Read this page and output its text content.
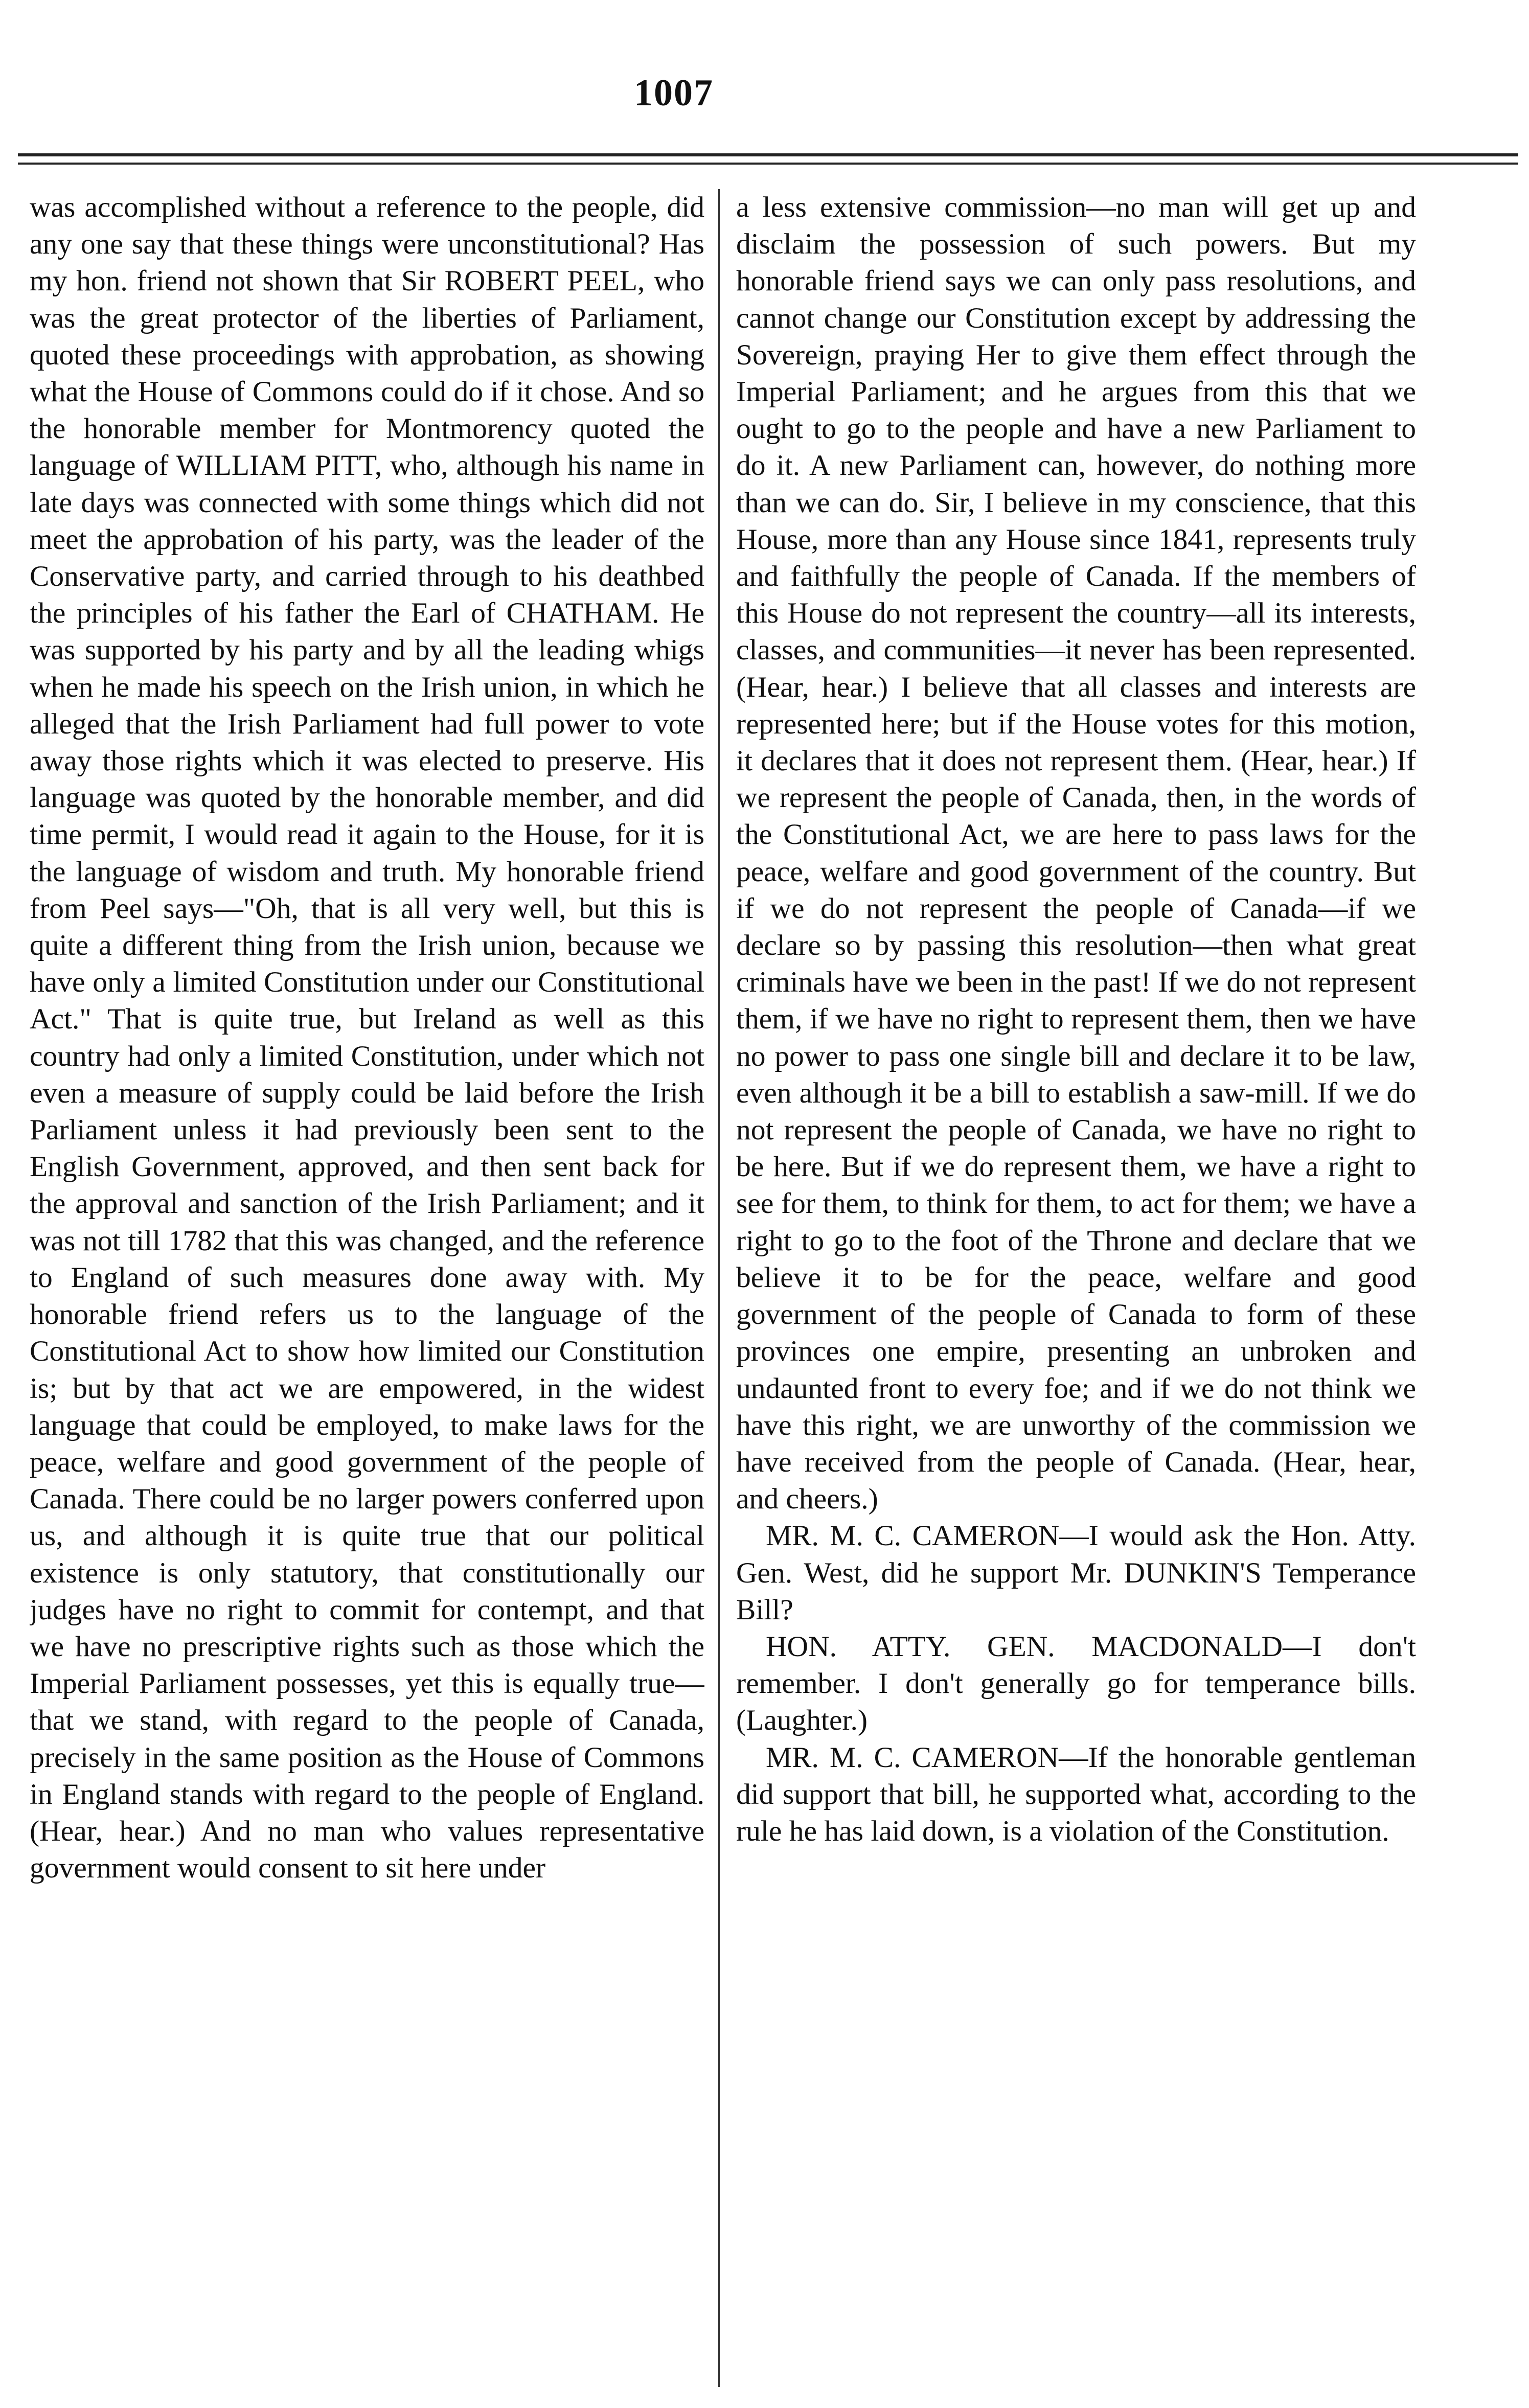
1007

was accomplished without a reference to the people, did any one say that these things were unconstitutional? Has my hon. friend not shown that Sir ROBERT PEEL, who was the great protector of the liberties of Parliament, quoted these proceedings with approbation, as showing what the House of Commons could do if it chose. And so the honorable member for Montmorency quoted the language of WILLIAM PITT, who, although his name in late days was connected with some things which did not meet the approbation of his party, was the leader of the Conservative party, and carried through to his deathbed the principles of his father the Earl of CHATHAM. He was supported by his party and by all the leading whigs when he made his speech on the Irish union, in which he alleged that the Irish Parliament had full power to vote away those rights which it was elected to preserve. His language was quoted by the honorable member, and did time permit, I would read it again to the House, for it is the language of wisdom and truth. My honorable friend from Peel says—"Oh, that is all very well, but this is quite a different thing from the Irish union, because we have only a limited Constitution under our Constitutional Act." That is quite true, but Ireland as well as this country had only a limited Constitution, under which not even a measure of supply could be laid before the Irish Parliament unless it had previously been sent to the English Government, approved, and then sent back for the approval and sanction of the Irish Parliament; and it was not till 1782 that this was changed, and the reference to England of such measures done away with. My honorable friend refers us to the language of the Constitutional Act to show how limited our Constitution is; but by that act we are empowered, in the widest language that could be employed, to make laws for the peace, welfare and good government of the people of Canada. There could be no larger powers conferred upon us, and although it is quite true that our political existence is only statutory, that constitutionally our judges have no right to commit for contempt, and that we have no prescriptive rights such as those which the Imperial Parliament possesses, yet this is equally true—that we stand, with regard to the people of Canada, precisely in the same position as the House of Commons in England stands with regard to the people of England. (Hear, hear.) And no man who values representative government would consent to sit here under

a less extensive commission—no man will get up and disclaim the possession of such powers. But my honorable friend says we can only pass resolutions, and cannot change our Constitution except by addressing the Sovereign, praying Her to give them effect through the Imperial Parliament; and he argues from this that we ought to go to the people and have a new Parliament to do it. A new Parliament can, however, do nothing more than we can do. Sir, I believe in my conscience, that this House, more than any House since 1841, represents truly and faithfully the people of Canada. If the members of this House do not represent the country—all its interests, classes, and communities—it never has been represented. (Hear, hear.) I believe that all classes and interests are represented here; but if the House votes for this motion, it declares that it does not represent them. (Hear, hear.) If we represent the people of Canada, then, in the words of the Constitutional Act, we are here to pass laws for the peace, welfare and good government of the country. But if we do not represent the people of Canada—if we declare so by passing this resolution—then what great criminals have we been in the past! If we do not represent them, if we have no right to represent them, then we have no power to pass one single bill and declare it to be law, even although it be a bill to establish a saw-mill. If we do not represent the people of Canada, we have no right to be here. But if we do represent them, we have a right to see for them, to think for them, to act for them; we have a right to go to the foot of the Throne and declare that we believe it to be for the peace, welfare and good government of the people of Canada to form of these provinces one empire, presenting an unbroken and undaunted front to every foe; and if we do not think we have this right, we are unworthy of the commission we have received from the people of Canada. (Hear, hear, and cheers.)

MR. M. C. CAMERON—I would ask the Hon. Atty. Gen. West, did he support Mr. DUNKIN'S Temperance Bill?

HON. ATTY. GEN. MACDONALD—I don't remember. I don't generally go for temperance bills. (Laughter.)

MR. M. C. CAMERON—If the honorable gentleman did support that bill, he supported what, according to the rule he has laid down, is a violation of the Constitution.
